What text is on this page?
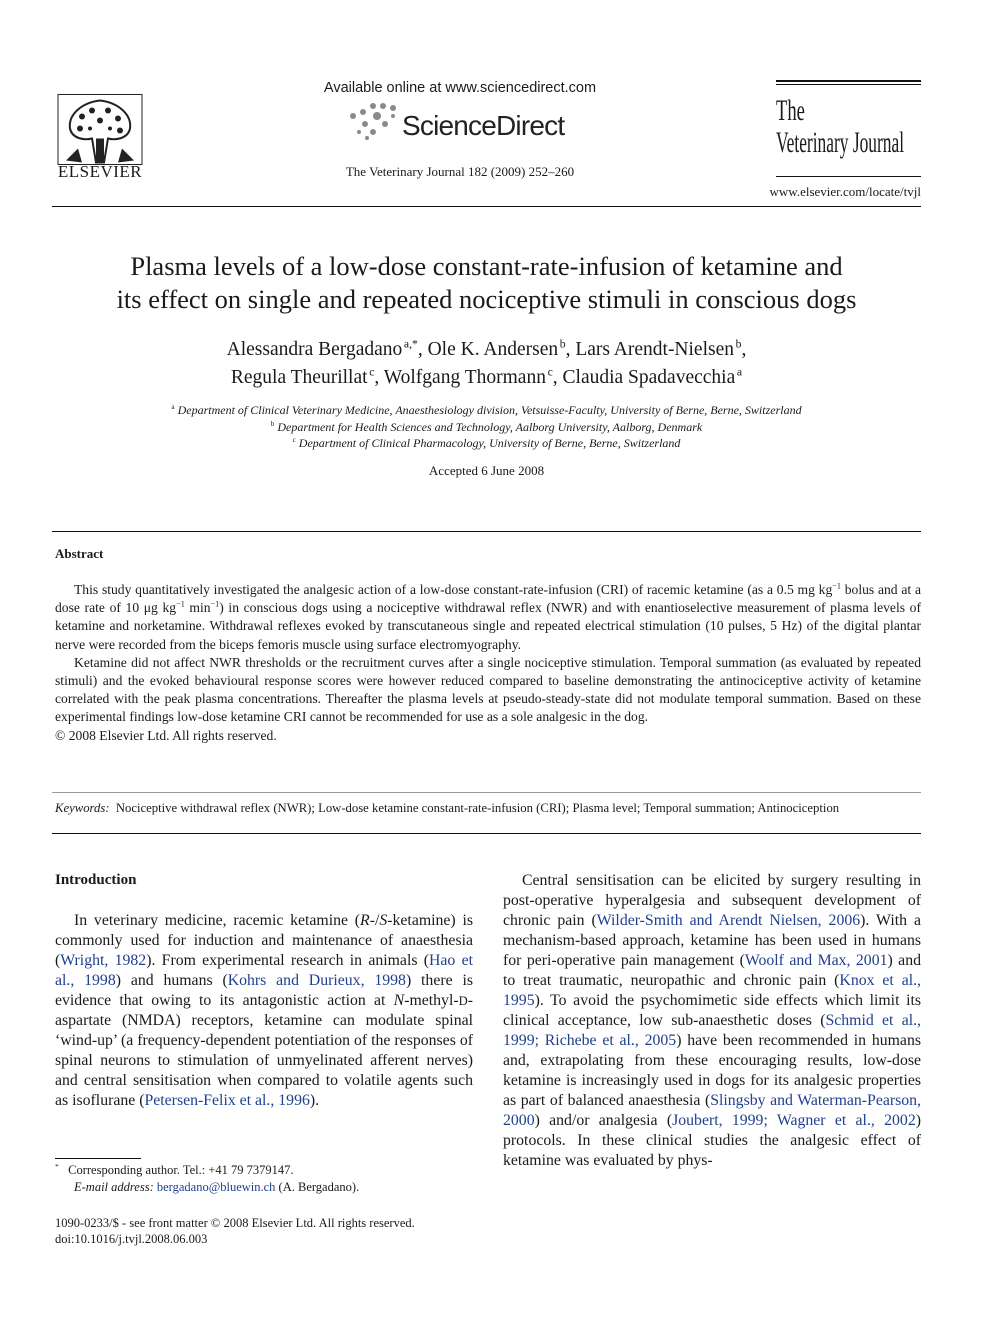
ELSEVIER
Available online at www.sciencedirect.com
ScienceDirect
The Veterinary Journal 182 (2009) 252–260
The
Veterinary Journal
www.elsevier.com/locate/tvjl
Plasma levels of a low-dose constant-rate-infusion of ketamine and
its effect on single and repeated nociceptive stimuli in conscious dogs
Alessandra Bergadano  $^{a,*}$, Ole K. Andersen  $^b$, Lars Arendt-Nielsen  $^b$,
Regula Theurillat  $^c$, Wolfgang Thormann  $^c$, Claudia Spadavecchia  $^a$
$^a$ Department of Clinical Veterinary Medicine, Anaesthesiology division, Vetsuisse-Faculty, University of Berne, Berne, Switzerland
$^b$ Department for Health Sciences and Technology, Aalborg University, Aalborg, Denmark
$^c$ Department of Clinical Pharmacology, University of Berne, Berne, Switzerland
Accepted 6 June 2008
Abstract

This study quantitatively investigated the analgesic action of a low-dose constant-rate-infusion (CRI) of racemic ketamine (as a 0.5 mg $kg^{-1}$ bolus and at a dose rate of 10 μg $kg^{-1}$ $\min^{-1}$) in conscious dogs using a nociceptive withdrawal reflex (NWR) and with enantioselective measurement of plasma levels of ketamine and norketamine. Withdrawal reflexes evoked by transcutaneous single and repeated electrical stimulation (10 pulses, 5 Hz) of the digital plantar nerve were recorded from the biceps femoris muscle using surface electromyography.

Ketamine did not affect NWR thresholds or the recruitment curves after a single nociceptive stimulation. Temporal summation (as evaluated by repeated stimuli) and the evoked behavioural response scores were however reduced compared to baseline demonstrating the antinociceptive activity of ketamine correlated with the peak plasma concentrations. Thereafter the plasma levels at pseudo-steady-state did not modulate temporal summation. Based on these experimental findings low-dose ketamine CRI cannot be recommended for use as a sole analgesic in the dog.

© 2008 Elsevier Ltd. All rights reserved.

Keywords: Nociceptive withdrawal reflex (NWR); Low-dose ketamine constant-rate-infusion (CRI); Plasma level; Temporal summation; Antinociception
Introduction

In veterinary medicine, racemic ketamine (R-/S-ketamine) is commonly used for induction and maintenance of anaesthesia (Wright, 1982). From experimental research in animals (Hao et al., 1998) and humans (Kohrs and Durieux, 1998) there is evidence that owing to its antagonistic action at N-methyl-D-aspartate (NMDA) receptors, ketamine can modulate spinal ‘wind-up’ (a frequency-dependent potentiation of the responses of spinal neurons to stimulation of unmyelinated afferent nerves) and central sensitisation when compared to volatile agents such as isoflurane (Petersen-Felix et al., 1996).

Central sensitisation can be elicited by surgery resulting in post-operative hyperalgesia and subsequent development of chronic pain (Wilder-Smith and Arendt Nielsen, 2006). With a mechanism-based approach, ketamine has been used in humans for peri-operative pain management (Woolf and Max, 2001) and to treat traumatic, neuropathic and chronic pain (Knox et al., 1995). To avoid the psychomimetic side effects which limit its clinical acceptance, low sub-anaesthetic doses (Schmid et al., 1999; Richebe et al., 2005) have been recommended in humans and, extrapolating from these encouraging results, low-dose ketamine is increasingly used in dogs for its analgesic properties as part of balanced anaesthesia (Slingsby and Waterman-Pearson, 2000) and/or analgesia (Joubert, 1999; Wagner et al., 2002) protocols. In these clinical studies the analgesic effect of ketamine was evaluated by phys-

* Corresponding author. Tel.: +41 79 7379147.
E-mail address: bergadano@bluewin.ch (A. Bergadano).
1090-0233/$ - see front matter © 2008 Elsevier Ltd. All rights reserved.
doi:10.1016/j.tvjl.2008.06.003
